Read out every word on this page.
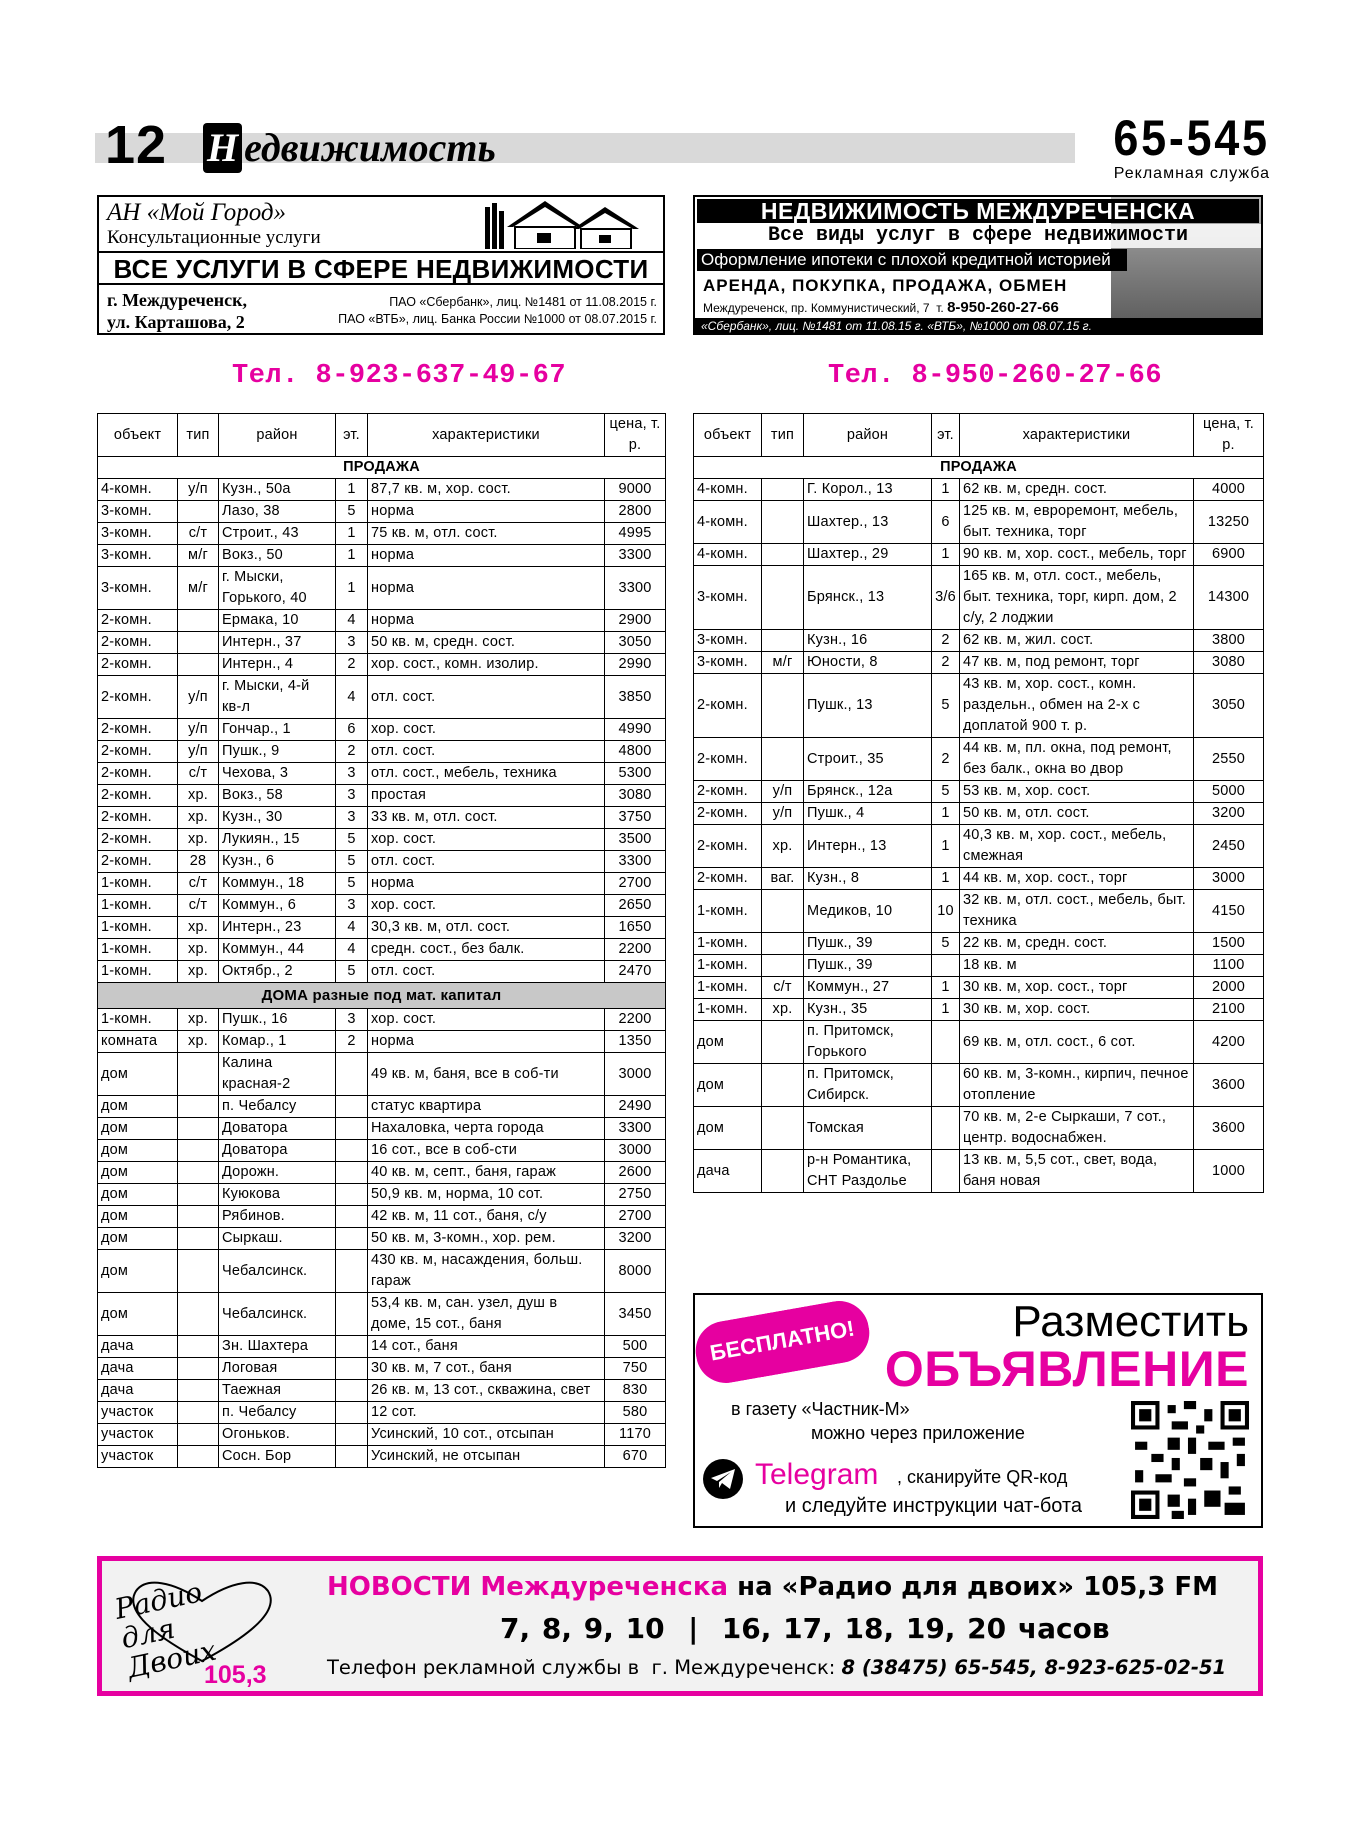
12 Н едвижимость	65-545
Рекламная служба
АН «Мой Город»
Консультационные услуги
ВСЕ УСЛУГИ В СФЕРЕ НЕДВИЖИМОСТИ
г. Междуреченск,
ул. Карташова, 2
ПАО «Сбербанк», лиц. №1481 от 11.08.2015 г.
ПАО «ВТБ», лиц. Банка России №1000 от 08.07.2015 г.
НЕДВИЖИМОСТЬ МЕЖДУРЕЧЕНСКА
Все виды услуг в сфере недвижимости
Оформление ипотеки с плохой кредитной историей
АРЕНДА, ПОКУПКА, ПРОДАЖА, ОБМЕН
Междуреченск, пр. Коммунистический, 7 т. 8-950-260-27-66
«Сбербанк», лиц. №1481 от 11.08.15 г. «ВТБ», №1000 от 08.07.15 г.
Тел. 8-923-637-49-67	Тел. 8-950-260-27-66
объект	тип	район	эт.	характеристики	цена, т. р.
ПРОДАЖА					
4-комн.	у/п	Кузн., 50а	1	87,7 кв. м, хор. сост.	9000
3-комн.		Лазо, 38	5	норма	2800
3-комн.	с/т	Строит., 43	1	75 кв. м, отл. сост.	4995
3-комн.	м/г	Вокз., 50	1	норма	3300
3-комн.	м/г	г. Мыски, Горького, 40	1	норма	3300
2-комн.		Ермака, 10	4	норма	2900
2-комн.		Интерн., 37	3	50 кв. м, средн. сост.	3050
2-комн.		Интерн., 4	2	хор. сост., комн. изолир.	2990
2-комн.	у/п	г. Мыски, 4-й кв-л	4	отл. сост.	3850
2-комн.	у/п	Гончар., 1	6	хор. сост.	4990
2-комн.	у/п	Пушк., 9	2	отл. сост.	4800
2-комн.	с/т	Чехова, 3	3	отл. сост., мебель, техника	5300
2-комн.	хр.	Вокз., 58	3	простая	3080
2-комн.	хр.	Кузн., 30	3	33 кв. м, отл. сост.	3750
2-комн.	хр.	Лукиян., 15	5	хор. сост.	3500
2-комн.	28	Кузн., 6	5	отл. сост.	3300
1-комн.	с/т	Коммун., 18	5	норма	2700
1-комн.	с/т	Коммун., 6	3	хор. сост.	2650
1-комн.	хр.	Интерн., 23	4	30,3 кв. м, отл. сост.	1650
1-комн.	хр.	Коммун., 44	4	средн. сост., без балк.	2200
1-комн.	хр.	Октябр., 2	5	отл. сост.	2470
ДОМА разные под мат. капитал					
1-комн.	хр.	Пушк., 16	3	хор. сост.	2200
комната	хр.	Комар., 1	2	норма	1350
дом		Калина красная-2		49 кв. м, баня, все в соб-ти	3000
дом		п. Чебалсу		статус квартира	2490
дом		Доватора		Нахаловка, черта города	3300
дом		Доватора		16 сот., все в соб-сти	3000
дом		Дорожн.		40 кв. м, септ., баня, гараж	2600
дом		Куюкова		50,9 кв. м, норма, 10 сот.	2750
дом		Рябинов.		42 кв. м, 11 сот., баня, с/у	2700
дом		Сыркаш.		50 кв. м, 3-комн., хор. рем.	3200
дом		Чебалсинск.		430 кв. м, насаждения, больш. гараж	8000
дом		Чебалсинск.		53,4 кв. м, сан. узел, душ в доме, 15 сот., баня	3450
дача		Зн. Шахтера		14 сот., баня	500
дача		Логовая		30 кв. м, 7 сот., баня	750
дача		Таежная		26 кв. м, 13 сот., скважина, свет	830
участок		п. Чебалсу		12 сот.	580
участок		Огоньков.		Усинский, 10 сот., отсыпан	1170
участок		Сосн. Бор		Усинский, не отсыпан	670
объект	тип	район	эт.	характеристики	цена, т. р.
ПРОДАЖА					
4-комн.		Г. Корол., 13	1	62 кв. м, средн. сост.	4000
4-комн.		Шахтер., 13	6	125 кв. м, евроремонт, мебель, быт. техника, торг	13250
4-комн.		Шахтер., 29	1	90 кв. м, хор. сост., мебель, торг	6900
3-комн.		Брянск., 13	3/6	165 кв. м, отл. сост., мебель, быт. техника, торг, кирп. дом, 2 с/у, 2 лоджии	14300
3-комн.		Кузн., 16	2	62 кв. м, жил. сост.	3800
3-комн.	м/г	Юности, 8	2	47 кв. м, под ремонт, торг	3080
2-комн.		Пушк., 13	5	43 кв. м, хор. сост., комн. раздельн., обмен на 2-х с доплатой 900 т. р.	3050
2-комн.		Строит., 35	2	44 кв. м, пл. окна, под ремонт, без балк., окна во двор	2550
2-комн.	у/п	Брянск., 12а	5	53 кв. м, хор. сост.	5000
2-комн.	у/п	Пушк., 4	1	50 кв. м, отл. сост.	3200
2-комн.	хр.	Интерн., 13	1	40,3 кв. м, хор. сост., мебель, смежная	2450
2-комн.	ваг.	Кузн., 8	1	44 кв. м, хор. сост., торг	3000
1-комн.		Медиков, 10	10	32 кв. м, отл. сост., мебель, быт. техника	4150
1-комн.		Пушк., 39	5	22 кв. м, средн. сост.	1500
1-комн.		Пушк., 39		18 кв. м	1100
1-комн.	с/т	Коммун., 27	1	30 кв. м, хор. сост., торг	2000
1-комн.	хр.	Кузн., 35	1	30 кв. м, хор. сост.	2100
дом		п. Притомск, Горького		69 кв. м, отл. сост., 6 сот.	4200
дом		п. Притомск, Сибирск.		60 кв. м, 3-комн., кирпич, печное отопление	3600
дом		Томская		70 кв. м, 2-е Сыркаши, 7 сот., центр. водоснабжен.	3600
дача		р-н Романтика, СНТ Раздолье		13 кв. м, 5,5 сот., свет, вода, баня новая	1000
БЕСПЛАТНО!	Разместить
ОБЪЯВЛЕНИЕ
в газету «Частник-М»
можно через приложение
Telegram , сканируйте QR-код
и следуйте инструкции чат-бота
Радио для Двоих
105,3
НОВОСТИ Междуреченска на «Радио для двоих» 105,3 FM
7, 8, 9, 10  |  16, 17, 18, 19, 20 часов
Телефон рекламной службы в  г. Междуреченск: 8 (38475) 65-545, 8-923-625-02-51
